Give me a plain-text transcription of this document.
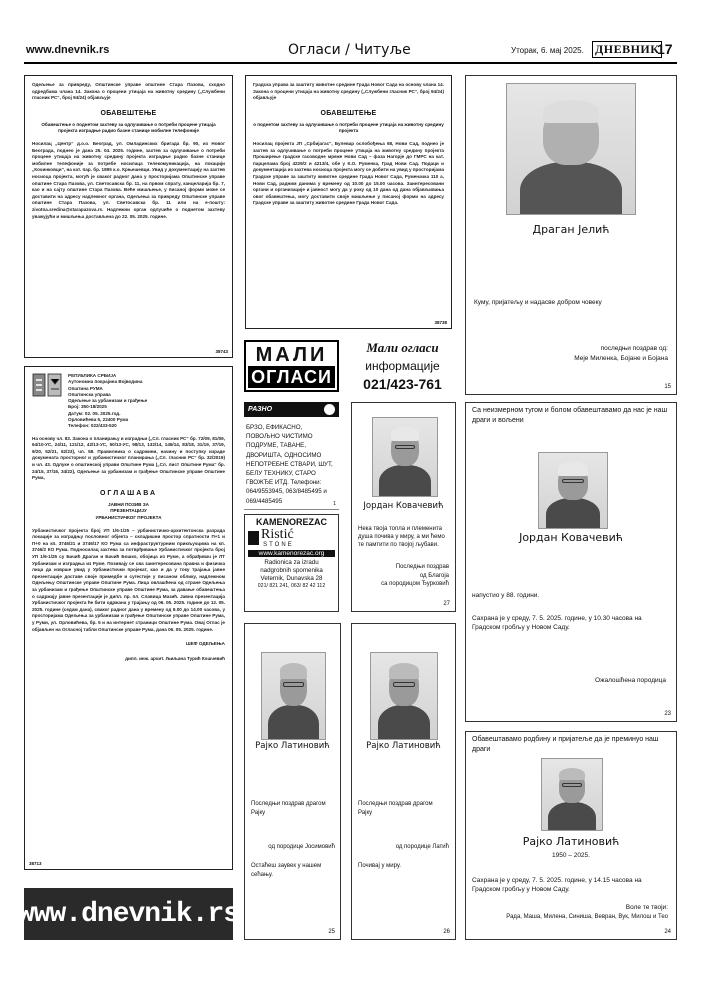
www.dnevnik.rs	Огласи / Читуље	Уторак, 6. мај 2025. ДНЕВНИК
17
Одељење за привреду, Општинске управе општине Стара Пазова, сходно одредбама члана 14. Закона о процени утицаја на животну средину („Службени гласник РС“, број 94/24) објављује
ОБАВЕШТЕЊЕ
Обавештење о поднетом захтеву за одлучивање о потреби процене утицаја пројекта изградње радио базне станице мобилне телефоније
Носилац „Центр“ д.о.о. Београд, ул. Омладинских бригада бр. 90, из Новог Београда, поднео је дана 25. 04. 2025. године, захтев за одлучивање о потреби процене утицаја на животну средину пројекта изградње радио базне станице мобилне телефоније за потребе носилаца телекомуникација, на локацији „Кочинковци“, на кат. пар. бр. 1895 к.о. Крњешевци. Увид у документацију на захтев носиоца пројекта, могућ је сваког радног дана у просторијама Општинске управе општине Стара Пазова, ул. Светосавска бр. 11, на првом спрату, канцеларија бр. 7, као и на сајту општине Стара Пазова. Веће мишљење, у писаној форми може се доставити на адресу надлежног органа, Одељења за привреду Општинске управе општине Стара Пазова, ул. Светосавска бр. 11 или на е-пошту: zivotna.sredina@starapazova.rs. Надлежни орган одлучиће о поднетом захтеву уважујући и мишљења достављена до 22. 05. 2025. године.
38743
Градска управа за заштиту животне средине Града Новог Сада на основу члана 14. Закона о процени утицаја на животну средину („Службени гласник РС“, број 94/24) објављује
ОБАВЕШТЕЊЕ
о поднетом захтеву за одлучивање о потреби процене утицаја на животну средину пројекта
Носилац пројекта ЈП „Србијагас“, Булевар ослобођења 68, Нови Сад, поднео је захтев за одлучивање о потреби процене утицаја на животну средину пројекта Проширење градске гасоводне мреже Нови Сад – фаза Нагорје до ГМРС на кат. парцелама број 4229/2 и 4213/4, обе у К.О. Руменка, Град Нови Сад. Подаци и документација из захтева носиоца пројекта могу се добити на увид у просторијама Градске управе за заштиту животне средине Града Новог Сада, Руменачка 110 а, Нови Сад, радним данима у времену од 10.00 до 15.00 часова. Заинтересовани органи и организације и јавност могу да у року од 10 дана од дана објављивања овог обавештења, могу доставити своје мишљење у писаној форми на адресу Градске управе за заштиту животне средине Града Новог Сада.
38738
РЕПУБЛИКА СРБИЈА
Аутономна покрајина Војводина
Општина РУМА
Општинска управа
Одељење за урбанизам и грађење
Број: 350-18/2025
Датум: 02. 05. 2025.год.
Орловићева 5, 22400 Рума
Телефон: 022/433-520
На основу чл. 83. Закона о планирању и изградњи („Сл. гласник РС“ бр. 72/09, 81/09, 64/10-УС, 24/11, 121/12, 42/13-УС, 50/13-УС, 98/13, 132/14, 145/14, 83/18, 31/19, 37/19, 9/20, 52/21, 62/23), чл. 58. Правилника о садржини, начину и поступку израде докумената просторног и урбанистичког планирања („Сл. гласник РС“ бр. 32/2019) и чл. 43. Одлуке о општинској управи Општине Рума („Сл. лист Општине Рума“ бр. 24/15, 37/16, 34/22), Одељење за урбанизам и грађење Општинске управе Општине Рума,
ОГЛАШАВА
ЈАВНИ ПОЗИВ ЗА
ПРЕЗЕНТАЦИЈУ
УРБАНИСТИЧКОГ ПРОЈЕКТА
Урбанистичког пројекта број УП 1/6-1/25 – урбанистичко-архитектонска разрада локације за изградњу пословног објекта – складишни простор спратности П+1 и П+0 на кп. 3746/21 и 3746/17 КО Рума са инфраструктурним прикључцима на кп. 3746/2 КО Рума. Подносилац захтева за потврђивање Урбанистичког пројекта број УП 1/6-1/25 су Бачић Драган и Бачић Бошко, обојица из Руме, а обрађивач је ЛТ Урбанизам и изградња из Руме. Позивају се сва заинтересована правна и физичка лица да изврше увид у Урбанистички пројекат, као и да у току трајања јавне презентације доставе своје примедбе и сугестије у писаном облику, надлежном Одељењу Општинске управе Општине Рума. Лица овлашћена од стране Одељења за урбанизам и грађење Општинске управе Општине Рума, за давање обавештења о садржају јавне презентације је дипл. пр. пл. Славица Мазић. Јавна презентација Урбанистичког пројекта ће бити одржана у трајању од 06. 05. 2025. године до 12. 05. 2025. године (седам дана), сваког радног дана у времену од 9.00 до 14.00 часова, у просторијама Одељења за урбанизам и грађење Општинске управе Општине Рума, у Руми, ул. Орловићева, бр. 5 и на интернет страници Општине Рума. Овај Оглас је објављен на Огласној табли Општинске управе Рума, дана 06. 05. 2025. године.
ШЕФ ОДЕЉЕЊА
дипл. инж. архит. Љиљана Турић Кошчевић
38713
www.dnevnik.rs
МАЛИ
ОГЛАСИ
Мали огласи
информације
021/423-761
РАЗНО
БРЗО, ЕФИКАСНО, ПОВОЉНО ЧИСТИМО ПОДРУМЕ, ТАВАНЕ, ДВОРИШТА, ОДНОСИМО НЕПОТРЕБНЕ СТВАРИ, ШУТ, БЕЛУ ТЕХНИКУ, СТАРО ГВОЖЂЕ ИТД. Телефони: 064/9553945, 063/8485495 и 069/4485495	1
KAMENOREZAC
Ristić
STONE
www.kamenorezac.org
Radionica za izradu
nadgrobnih spomenika
Veternik, Dunavska 28
021/ 821 241, 063/ 82 42 112
Јордан Ковачевић
Нека твоја топла и племенита душа почива у миру, а ми ћемо те памтити по твојој љубави.
Последњи поздрав
од Благоја
са породицом Ђурковић
27
Драган Јелић
Куму, пријатељу и надасве добром човеку
последњи поздрав од:
Меје Миленка, Бојане и Бојана
15
Са неизмерном тугом и болом обавештавамо да нас је наш драги и вољени
Јордан Ковачевић
напустио у 88. години.
Сахрана је у среду, 7. 5. 2025. године, у 10.30 часова на Градском гробљу у Новом Саду.
Ожалошћена породица
23
Рајко Латиновић
Последњи поздрав драгом Рајку
од породице Јосимовић
Остаћеш заувек у нашем сећању.
25
Рајко Латиновић
Последњи поздрав драгом Рајку
од породице Латић
Почивај у миру.
26
Обавештавамо родбину и пријатеље да је преминуо наш драги
Рајко Латиновић
1950 – 2025.
Сахрана је у среду, 7. 5. 2025. године, у 14.15 часова на Градском гробљу у Новом Саду.
Воле те твоји:
Рада, Маша, Милена, Синиша, Вевран, Вук, Милош и Тео
24
